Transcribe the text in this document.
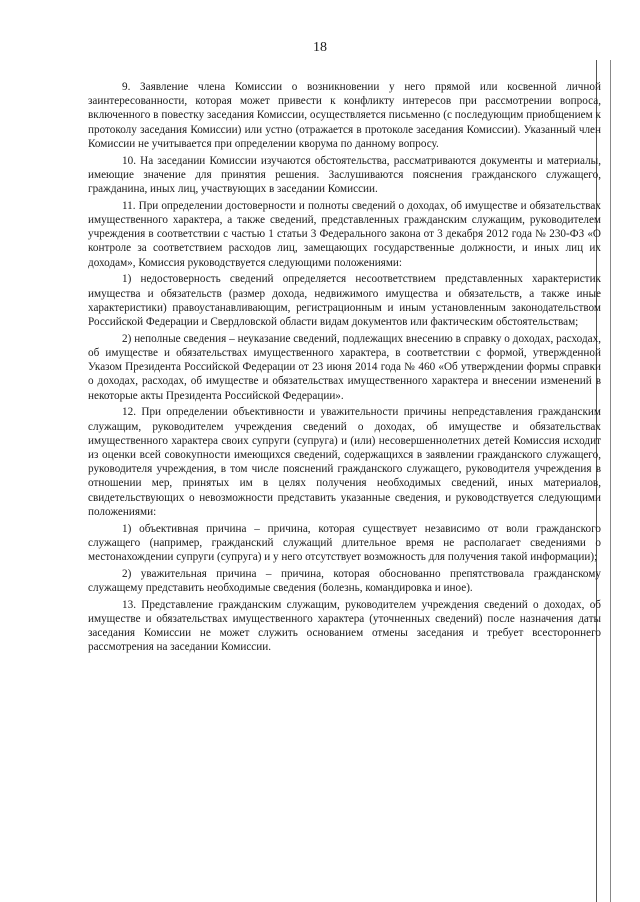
18

9. Заявление члена Комиссии о возникновении у него прямой или косвенной личной заинтересованности, которая может привести к конфликту интересов при рассмотрении вопроса, включенного в повестку заседания Комиссии, осуществляется письменно (с последующим приобщением к протоколу заседания Комиссии) или устно (отражается в протоколе заседания Комиссии). Указанный член Комиссии не учитывается при определении кворума по данному вопросу.

10. На заседании Комиссии изучаются обстоятельства, рассматриваются документы и материалы, имеющие значение для принятия решения. Заслушиваются пояснения гражданского служащего, гражданина, иных лиц, участвующих в заседании Комиссии.

11. При определении достоверности и полноты сведений о доходах, об имуществе и обязательствах имущественного характера, а также сведений, представленных гражданским служащим, руководителем учреждения в соответствии с частью 1 статьи 3 Федерального закона от 3 декабря 2012 года № 230-ФЗ «О контроле за соответствием расходов лиц, замещающих государственные должности, и иных лиц их доходам», Комиссия руководствуется следующими положениями:

1) недостоверность сведений определяется несоответствием представленных характеристик имущества и обязательств (размер дохода, недвижимого имущества и обязательств, а также иные характеристики) правоустанавливающим, регистрационным и иным установленным законодательством Российской Федерации и Свердловской области видам документов или фактическим обстоятельствам;

2) неполные сведения – неуказание сведений, подлежащих внесению в справку о доходах, расходах, об имуществе и обязательствах имущественного характера, в соответствии с формой, утвержденной Указом Президента Российской Федерации от 23 июня 2014 года № 460 «Об утверждении формы справки о доходах, расходах, об имуществе и обязательствах имущественного характера и внесении изменений в некоторые акты Президента Российской Федерации».

12. При определении объективности и уважительности причины непредставления гражданским служащим, руководителем учреждения сведений о доходах, об имуществе и обязательствах имущественного характера своих супруги (супруга) и (или) несовершеннолетних детей Комиссия исходит из оценки всей совокупности имеющихся сведений, содержащихся в заявлении гражданского служащего, руководителя учреждения, в том числе пояснений гражданского служащего, руководителя учреждения в отношении мер, принятых им в целях получения необходимых сведений, иных материалов, свидетельствующих о невозможности представить указанные сведения, и руководствуется следующими положениями:

1) объективная причина – причина, которая существует независимо от воли гражданского служащего (например, гражданский служащий длительное время не располагает сведениями о местонахождении супруги (супруга) и у него отсутствует возможность для получения такой информации);

2) уважительная причина – причина, которая обоснованно препятствовала гражданскому служащему представить необходимые сведения (болезнь, командировка и иное).

13. Представление гражданским служащим, руководителем учреждения сведений о доходах, об имуществе и обязательствах имущественного характера (уточненных сведений) после назначения даты заседания Комиссии не может служить основанием отмены заседания и требует всестороннего рассмотрения на заседании Комиссии.
